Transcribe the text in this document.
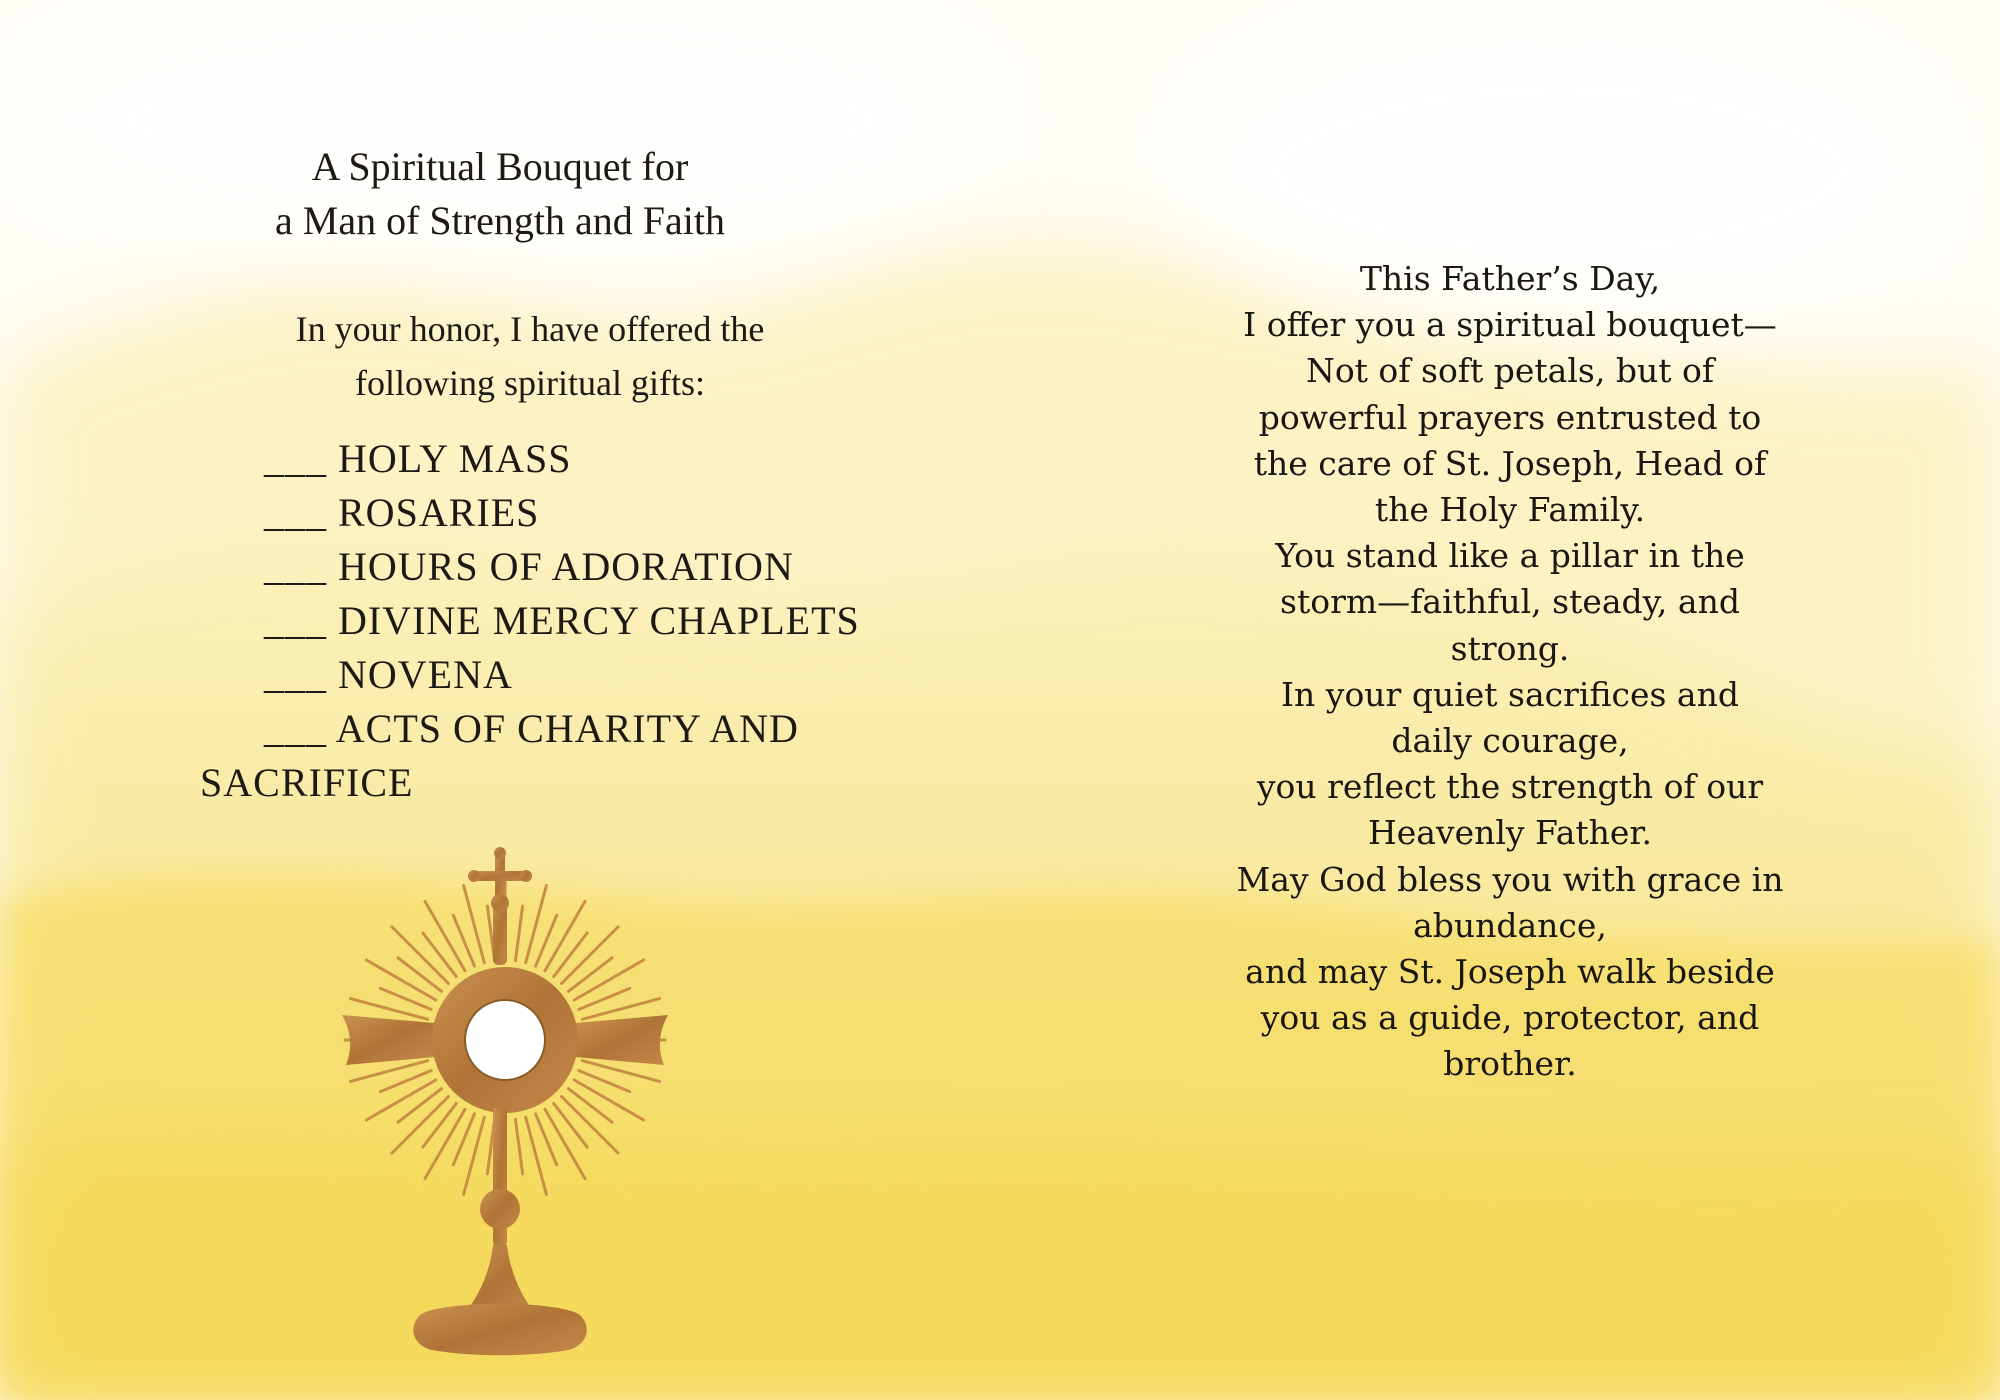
A Spiritual Bouquet for
a Man of Strength and Faith
In your honor, I have offered the
following spiritual gifts:
___ HOLY MASS
___ ROSARIES
___ HOURS OF ADORATION
___ DIVINE MERCY CHAPLETS
___ NOVENA
___ ACTS OF CHARITY AND
SACRIFICE
This Father’s Day,
I offer you a spiritual bouquet—
Not of soft petals, but of
powerful prayers entrusted to
the care of St. Joseph, Head of
the Holy Family.
You stand like a pillar in the
storm—faithful, steady, and
strong.
In your quiet sacrifices and
daily courage,
you reflect the strength of our
Heavenly Father.
May God bless you with grace in
abundance,
and may St. Joseph walk beside
you as a guide, protector, and
brother.
